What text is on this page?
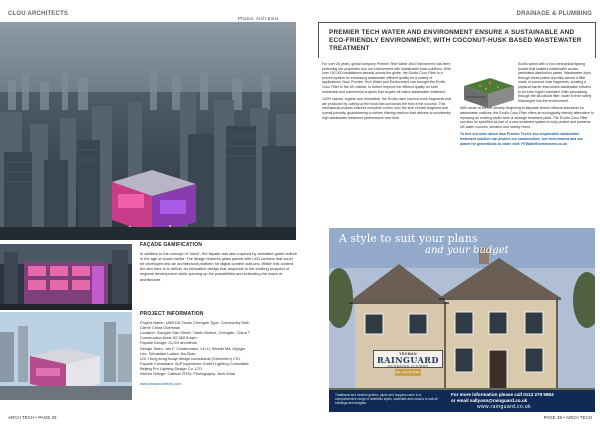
CLOU ARCHITECTS
Photos: Arch-Exist
DRAINAGE & PLUMBING
ARCH TECH • PAGE 34	PAGE 35 • ARCH TECH
FAÇADE GAMIFICATION
In addition to the concept of “cube”, the façade was also inspired by animated game culture in the age of social media. The design features glass panels with LED curtains that could be developed into an architectural platform for digital content add-ons. Within this context, the aim here is to deliver an innovative design that responds to the existing prospect of regional development while opening up the possibilities and extending the reach of architecture.
PROJECT INFORMATION
Project Name: UNIFUN Tianfu Chengdu Type: Community Mall
Client: China Overseas
Location: Xianghe San Street, Tianfu District, Chengdu, China 7
Construction Area: 62,382.8 sqm
Façade Design: CLOU architects
Design Team: Jan F. Clostermann, Lin Li, Wenlei Ma, Wyngin
Lee, Sebastian Loaiza, Na Zhao
LDI: Hong kong huayi design consultants (Shenzhen) LTD.
Façade Consultant: SuP Ingenieure GmbH Lighting Consultant:
Beijing Pro Lighting Design Co. LTD.
Interior Design: Callison RTKL Photography: Arch-Exist
www.clouarchitects.com
PREMIER TECH WATER AND ENVIRONMENT ENSURE A SUSTAINABLE AND ECO-FRIENDLY ENVIRONMENT, WITH COCONUT-HUSK BASED WASTEWATER TREATMENT

For over 25 years, global company Premier Tech Water and Environment has been protecting our properties and our environment with sustainable local solutions. With over 150,000 installations already across the globe, the Ecoflo Coco Filter is a proven system for enhancing wastewater effluent quality for a variety of applications. Now, Premier Tech Water and Environment has brought the Ecoflo Coco Filter to the UK market, to further improve the effluent quality for both residential and commercial projects that require off-mains wastewater treatment.

100% natural, organic and renewable, the Ecoflo uses coconut-husk fragments that are produced by cutting up the husk that surrounds the fruit of the coconut. This mechanical process ensures complete control over the size of each fragment and overall porosity, guaranteeing a uniform filtering medium that delivers a consistently high wastewater treatment performance over time.

Ecoflo works with a non-mechanical tipping bucket that scatters wastewater across perforated distribution plates. Wastewater drips through these plates and falls across a filter made of coconut husk fragments, creating a physical barrier that cleans wastewater effluent to an even higher standard. After percolating through the all-natural filter, water is then safely discharged into the environment.

With areas of the UK already beginning to stipulate stricter effluent standards for wastewater outflows, the Ecoflo Coco Filter offers an ecologically friendly alternative to replacing an existing septic tank or sewage treatment plant. The Ecoflo Coco Filter can also be specified as part of a new treatment system to fully protect and preserve UK water courses, streams and nearby rivers.

To find out more about how Premier Tech’s eco-responsible wastewater treatment solution can protect our communities, our environment and our planet for generations to come visit: PTWaterEnvironment.co.uk

A style to suit your plans
and your budget
YEOMAN
RAINGUARD
RAINWATER SYSTEMS
Est. over 25 years
Traditional and modern gutters, pipes and hoppers come in a comprehensive range of aesthetic styles, materials and colours to suit all buildings and budgets.
For more information please call 0113 279 5854
or email sallyann@rainguard.co.uk
www.rainguard.co.uk
